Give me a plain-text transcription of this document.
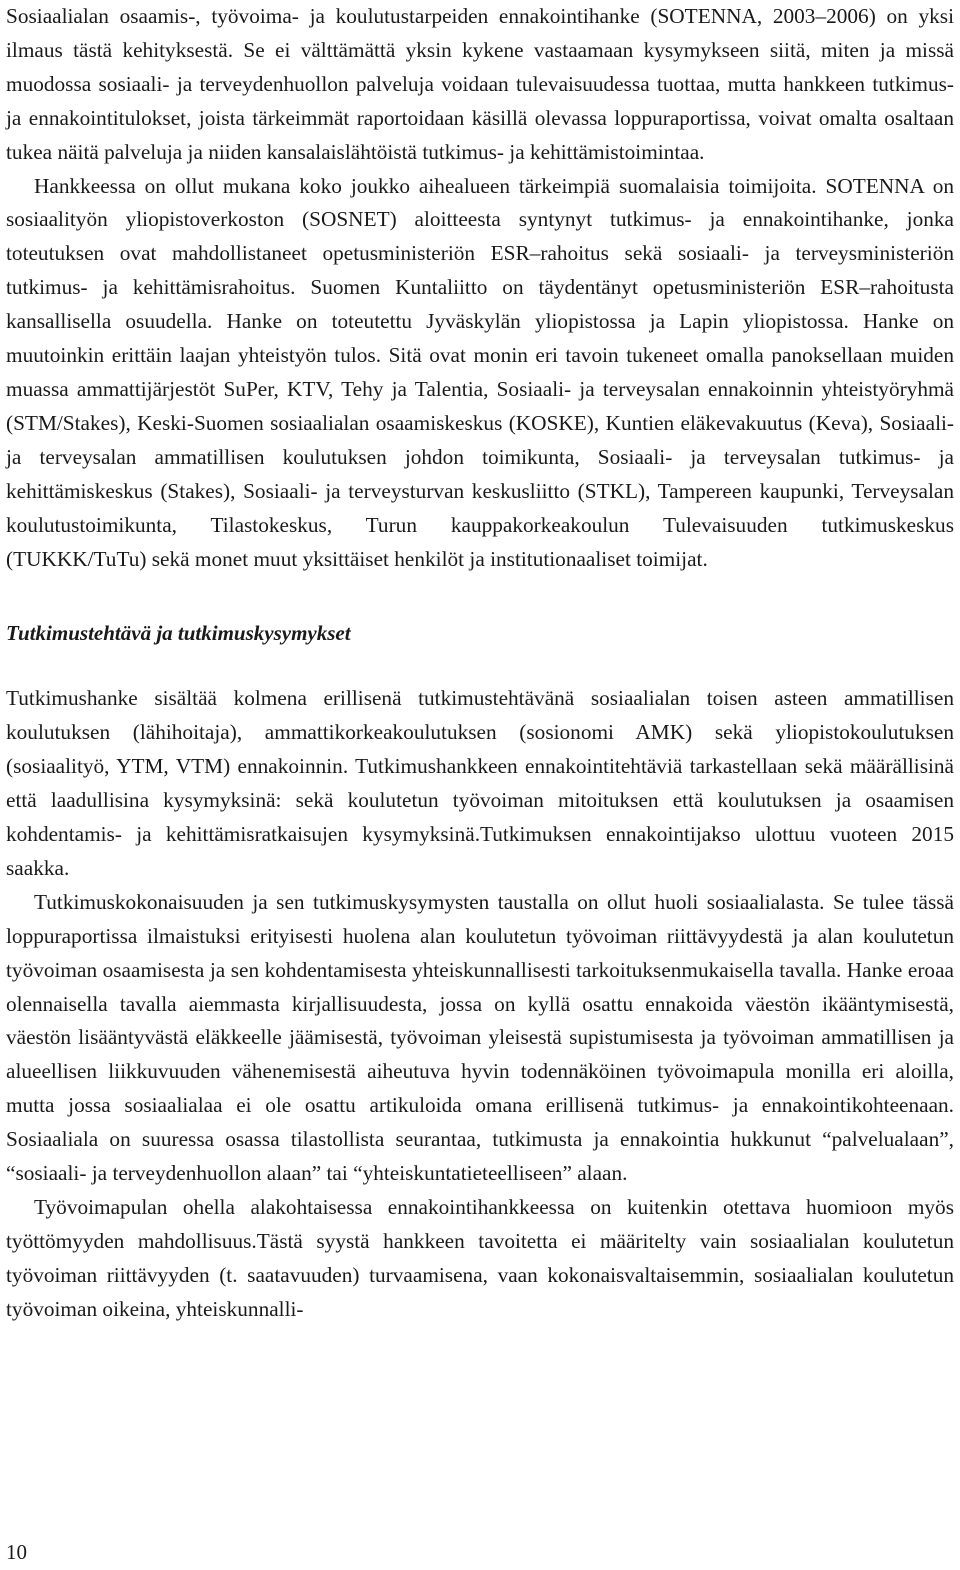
Sosiaalialan osaamis-, työvoima- ja koulutustarpeiden ennakointihanke (SOTENNA, 2003–2006) on yksi ilmaus tästä kehityksestä. Se ei välttämättä yksin kykene vastaamaan kysymykseen siitä, miten ja missä muodossa sosiaali- ja terveydenhuollon palveluja voidaan tulevaisuudessa tuottaa, mutta hankkeen tutkimus- ja ennakointitulokset, joista tärkeimmät raportoidaan käsillä olevassa loppuraportissa, voivat omalta osaltaan tukea näitä palveluja ja niiden kansalaislähtöistä tutkimus- ja kehittämistoimintaa.

Hankkeessa on ollut mukana koko joukko aihealueen tärkeimpiä suomalaisia toimijoita. SOTENNA on sosiaalityön yliopistoverkoston (SOSNET) aloitteesta syntynyt tutkimus- ja ennakointihanke, jonka toteutuksen ovat mahdollistaneet opetusministeriön ESR–rahoitus sekä sosiaali- ja terveysministeriön tutkimus- ja kehittämisrahoitus. Suomen Kuntaliitto on täydentänyt opetusministeriön ESR–rahoitusta kansallisella osuudella. Hanke on toteutettu Jyväskylän yliopistossa ja Lapin yliopistossa. Hanke on muutoinkin erittäin laajan yhteistyön tulos. Sitä ovat monin eri tavoin tukeneet omalla panoksellaan muiden muassa ammattijärjestöt SuPer, KTV, Tehy ja Talentia, Sosiaali- ja terveysalan ennakoinnin yhteistyöryhmä (STM/Stakes), Keski-Suomen sosiaalialan osaamiskeskus (KOSKE), Kuntien eläkevakuutus (Keva), Sosiaali- ja terveysalan ammatillisen koulutuksen johdon toimikunta, Sosiaali- ja terveysalan tutkimus- ja kehittämiskeskus (Stakes), Sosiaali- ja terveysturvan keskusliitto (STKL), Tampereen kaupunki, Terveysalan koulutustoimikunta, Tilastokeskus, Turun kauppakorkeakoulun Tulevaisuuden tutkimuskeskus (TUKKK/TuTu) sekä monet muut yksittäiset henkilöt ja institutionaaliset toimijat.

Tutkimustehtävä ja tutkimuskysymykset

Tutkimushanke sisältää kolmena erillisenä tutkimustehtävänä sosiaalialan toisen asteen ammatillisen koulutuksen (lähihoitaja), ammattikorkeakoulutuksen (sosionomi AMK) sekä yliopistokoulutuksen (sosiaalityö, YTM, VTM) ennakoinnin. Tutkimushankkeen ennakointitehtäviä tarkastellaan sekä määrällisinä että laadullisina kysymyksinä: sekä koulutetun työvoiman mitoituksen että koulutuksen ja osaamisen kohdentamis- ja kehittämisratkaisujen kysymyksinä.Tutkimuksen ennakointijakso ulottuu vuoteen 2015 saakka.

Tutkimuskokonaisuuden ja sen tutkimuskysymysten taustalla on ollut huoli sosiaalialasta. Se tulee tässä loppuraportissa ilmaistuksi erityisesti huolena alan koulutetun työvoiman riittävyydestä ja alan koulutetun työvoiman osaamisesta ja sen kohdentamisesta yhteiskunnallisesti tarkoituksenmukaisella tavalla. Hanke eroaa olennaisella tavalla aiemmasta kirjallisuudesta, jossa on kyllä osattu ennakoida väestön ikääntymisestä, väestön lisääntyvästä eläkkeelle jäämisestä, työvoiman yleisestä supistumisesta ja työvoiman ammatillisen ja alueellisen liikkuvuuden vähenemisestä aiheutuva hyvin todennäköinen työvoimapula monilla eri aloilla, mutta jossa sosiaalialaa ei ole osattu artikuloida omana erillisenä tutkimus- ja ennakointikohteenaan. Sosiaaliala on suuressa osassa tilastollista seurantaa, tutkimusta ja ennakointia hukkunut “palvelualaan”, “sosiaali- ja terveydenhuollon alaan” tai “yhteiskuntatieteelliseen” alaan.

Työvoimapulan ohella alakohtaisessa ennakointihankkeessa on kuitenkin otettava huomioon myös työttömyyden mahdollisuus.Tästä syystä hankkeen tavoitetta ei määritelty vain sosiaalialan koulutetun työvoiman riittävyyden (t. saatavuuden) turvaamisena, vaan kokonaisvaltaisemmin, sosiaalialan koulutetun työvoiman oikeina, yhteiskunnalli-

10
